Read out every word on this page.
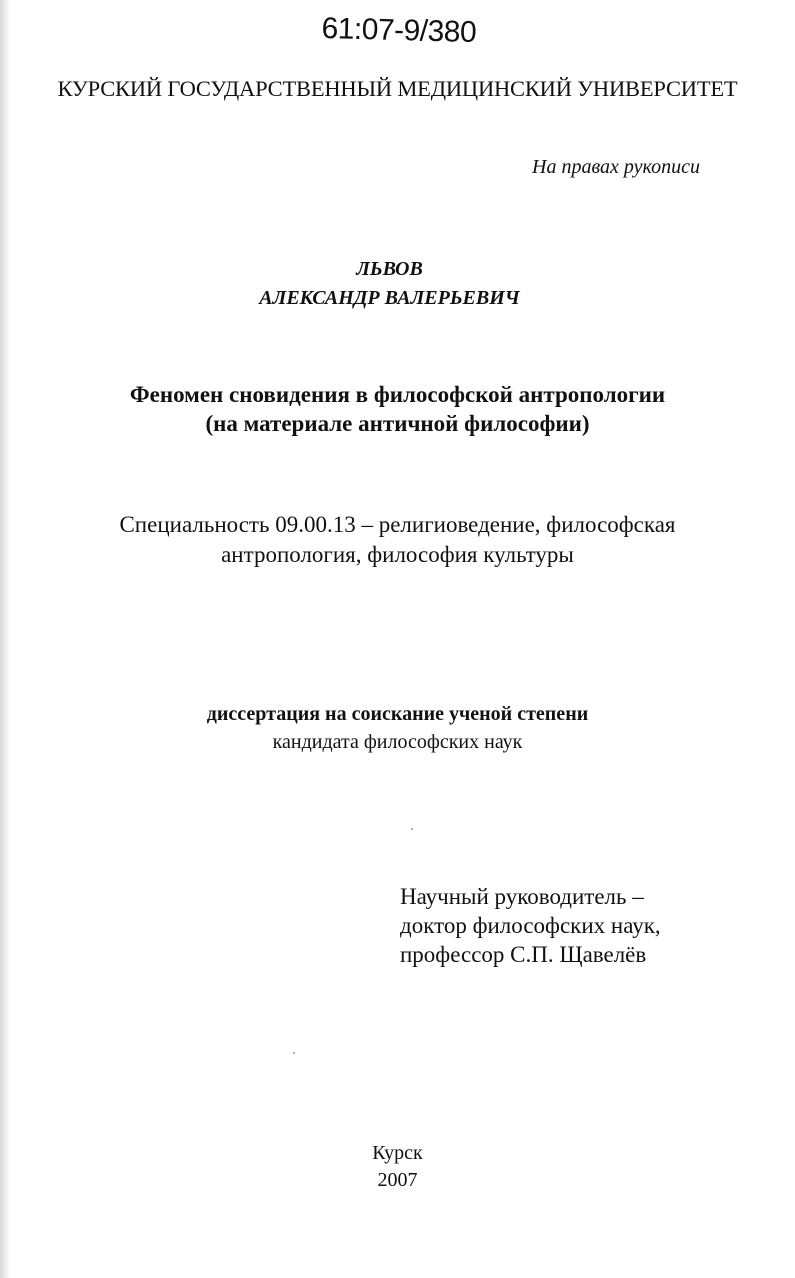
61:07-9/380
КУРСКИЙ ГОСУДАРСТВЕННЫЙ МЕДИЦИНСКИЙ УНИВЕРСИТЕТ
На правах рукописи
ЛЬВОВ
АЛЕКСАНДР ВАЛЕРЬЕВИЧ
Феномен сновидения в философской антропологии
(на материале античной философии)
Специальность 09.00.13 – религиоведение, философская
антропология, философия культуры
диссертация на соискание ученой степени
кандидата философских наук
Научный руководитель –
доктор философских наук,
профессор С.П. Щавелёв
Курск
2007
